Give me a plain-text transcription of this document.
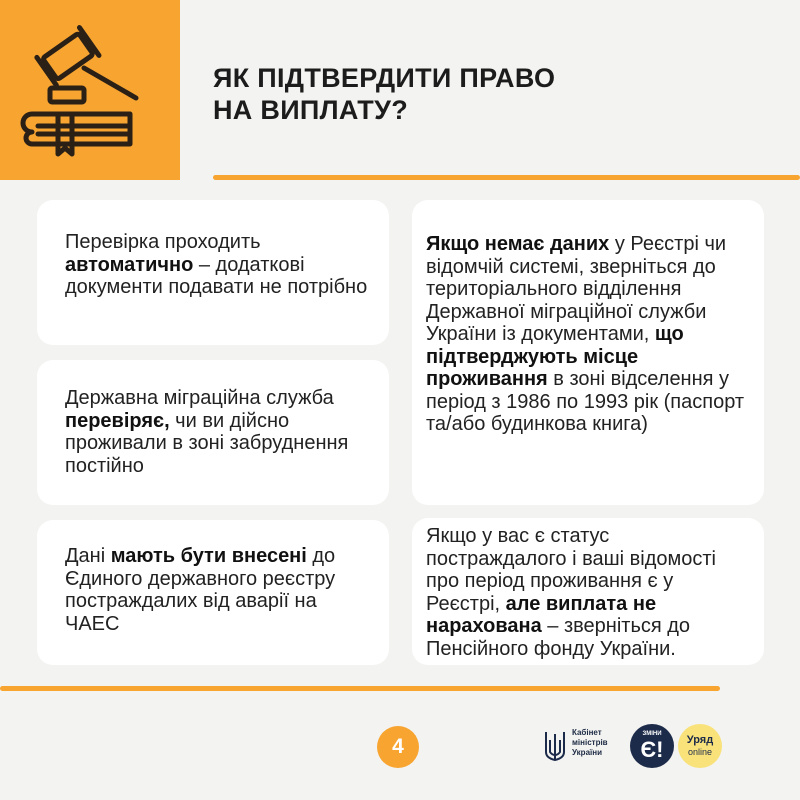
ЯК ПІДТВЕРДИТИ ПРАВО
НА ВИПЛАТУ?
Перевірка проходить автоматично – додаткові документи подавати не потрібно
Державна міграційна служба перевіряє, чи ви дійсно проживали в зоні забруднення постійно
Дані мають бути внесені до Єдиного державного реєстру постраждалих від аварії на ЧАЕС
Якщо немає даних у Реєстрі чи відомчій системі, зверніться до територіального відділення Державної міграційної служби України із документами, що підтверджують місце проживання в зоні відселення у період з 1986 по 1993 рік (паспорт та/або будинкова книга)
Якщо у вас є статус постраждалого і ваші відомості про період проживання є у Реєстрі, але виплата не нарахована – зверніться до Пенсійного фонду України.
4
Кабінет
міністрів
України
ЗМІНИ
Є!	Уряд
online
